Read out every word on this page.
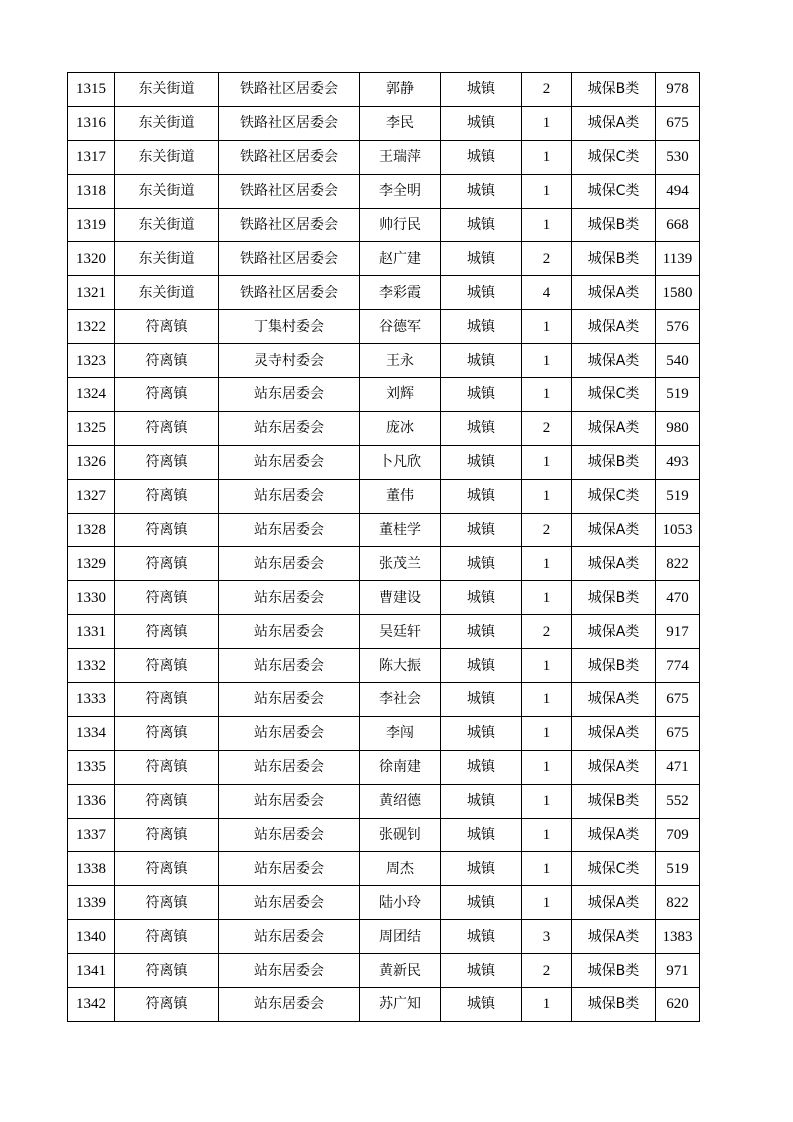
1315	东关街道	铁路社区居委会	郭静	城镇	2	城保B类	978
1316	东关街道	铁路社区居委会	李民	城镇	1	城保A类	675
1317	东关街道	铁路社区居委会	王瑞萍	城镇	1	城保C类	530
1318	东关街道	铁路社区居委会	李全明	城镇	1	城保C类	494
1319	东关街道	铁路社区居委会	帅行民	城镇	1	城保B类	668
1320	东关街道	铁路社区居委会	赵广建	城镇	2	城保B类	1139
1321	东关街道	铁路社区居委会	李彩霞	城镇	4	城保A类	1580
1322	符离镇	丁集村委会	谷德军	城镇	1	城保A类	576
1323	符离镇	灵寺村委会	王永	城镇	1	城保A类	540
1324	符离镇	站东居委会	刘辉	城镇	1	城保C类	519
1325	符离镇	站东居委会	庞冰	城镇	2	城保A类	980
1326	符离镇	站东居委会	卜凡欣	城镇	1	城保B类	493
1327	符离镇	站东居委会	董伟	城镇	1	城保C类	519
1328	符离镇	站东居委会	董桂学	城镇	2	城保A类	1053
1329	符离镇	站东居委会	张茂兰	城镇	1	城保A类	822
1330	符离镇	站东居委会	曹建设	城镇	1	城保B类	470
1331	符离镇	站东居委会	吴廷轩	城镇	2	城保A类	917
1332	符离镇	站东居委会	陈大振	城镇	1	城保B类	774
1333	符离镇	站东居委会	李社会	城镇	1	城保A类	675
1334	符离镇	站东居委会	李闯	城镇	1	城保A类	675
1335	符离镇	站东居委会	徐南建	城镇	1	城保A类	471
1336	符离镇	站东居委会	黄绍德	城镇	1	城保B类	552
1337	符离镇	站东居委会	张砚钊	城镇	1	城保A类	709
1338	符离镇	站东居委会	周杰	城镇	1	城保C类	519
1339	符离镇	站东居委会	陆小玲	城镇	1	城保A类	822
1340	符离镇	站东居委会	周团结	城镇	3	城保A类	1383
1341	符离镇	站东居委会	黄新民	城镇	2	城保B类	971
1342	符离镇	站东居委会	苏广知	城镇	1	城保B类	620
